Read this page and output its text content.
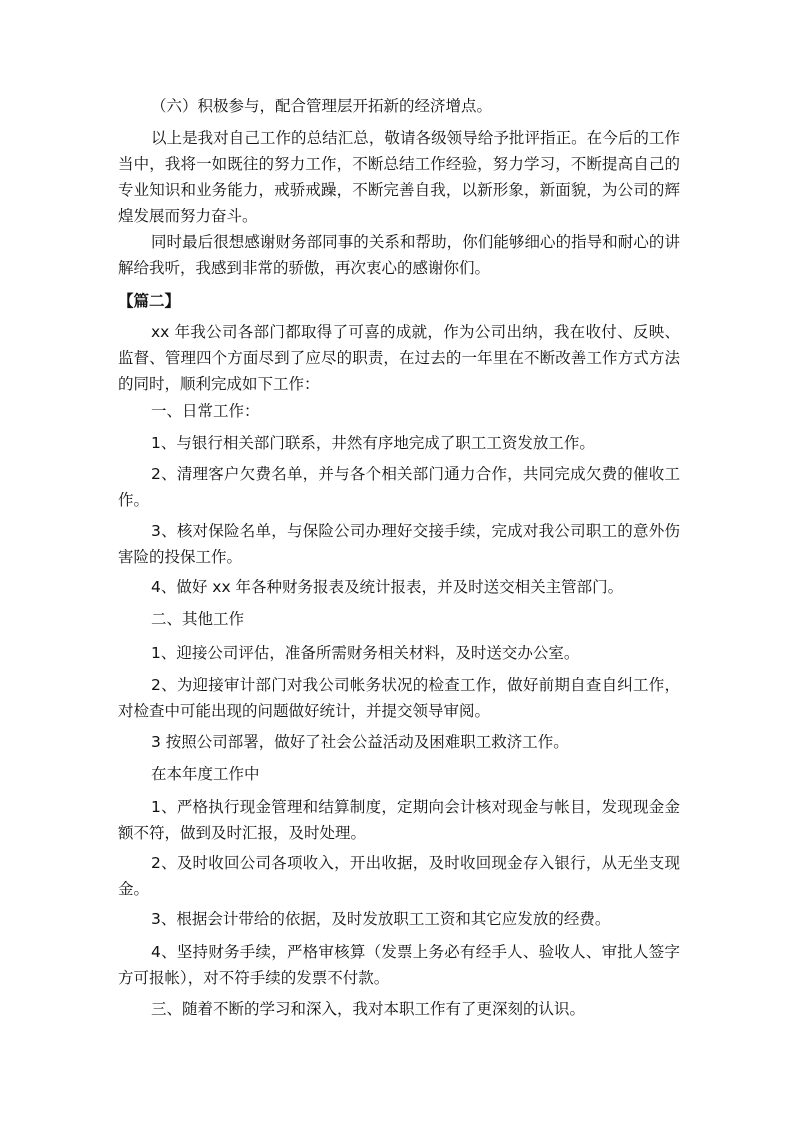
（六）积极参与，配合管理层开拓新的经济增点。
以上是我对自己工作的总结汇总，敬请各级领导给予批评指正。在今后的工作当中，我将一如既往的努力工作，不断总结工作经验，努力学习，不断提高自己的专业知识和业务能力，戒骄戒躁，不断完善自我，以新形象，新面貌，为公司的辉煌发展而努力奋斗。
同时最后很想感谢财务部同事的关系和帮助，你们能够细心的指导和耐心的讲解给我听，我感到非常的骄傲，再次衷心的感谢你们。
【篇二】
xx 年我公司各部门都取得了可喜的成就，作为公司出纳，我在收付、反映、监督、管理四个方面尽到了应尽的职责，在过去的一年里在不断改善工作方式方法的同时，顺利完成如下工作：
一、日常工作：
1、与银行相关部门联系，井然有序地完成了职工工资发放工作。
2、清理客户欠费名单，并与各个相关部门通力合作，共同完成欠费的催收工作。
3、核对保险名单，与保险公司办理好交接手续，完成对我公司职工的意外伤害险的投保工作。
4、做好 xx 年各种财务报表及统计报表，并及时送交相关主管部门。
二、其他工作
1、迎接公司评估，准备所需财务相关材料，及时送交办公室。
2、为迎接审计部门对我公司帐务状况的检查工作，做好前期自查自纠工作，对检查中可能出现的问题做好统计，并提交领导审阅。
3 按照公司部署，做好了社会公益活动及困难职工救济工作。
在本年度工作中
1、严格执行现金管理和结算制度，定期向会计核对现金与帐目，发现现金金额不符，做到及时汇报，及时处理。
2、及时收回公司各项收入，开出收据，及时收回现金存入银行，从无坐支现金。
3、根据会计带给的依据，及时发放职工工资和其它应发放的经费。
4、坚持财务手续，严格审核算（发票上务必有经手人、验收人、审批人签字方可报帐），对不符手续的发票不付款。
三、随着不断的学习和深入，我对本职工作有了更深刻的认识。
